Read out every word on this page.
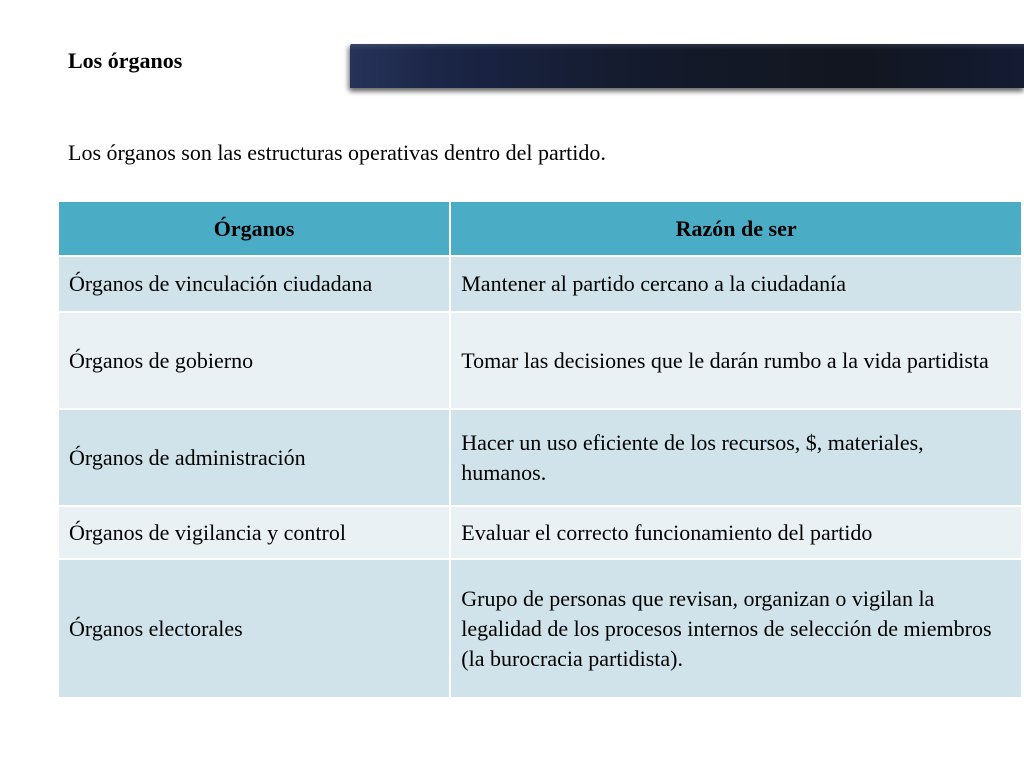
Los órganos
Los órganos son las estructuras operativas dentro del partido.
Órganos	Razón de ser
Órganos de vinculación ciudadana	Mantener al partido cercano a la ciudadanía
Órganos de gobierno	Tomar las decisiones que le darán rumbo a la vida partidista
Órganos de administración	Hacer un uso eficiente de los recursos, $, materiales, humanos.
Órganos de vigilancia y control	Evaluar el correcto funcionamiento del partido
Órganos electorales	Grupo de personas que revisan, organizan o vigilan la legalidad de los procesos internos de selección de miembros (la burocracia partidista).
